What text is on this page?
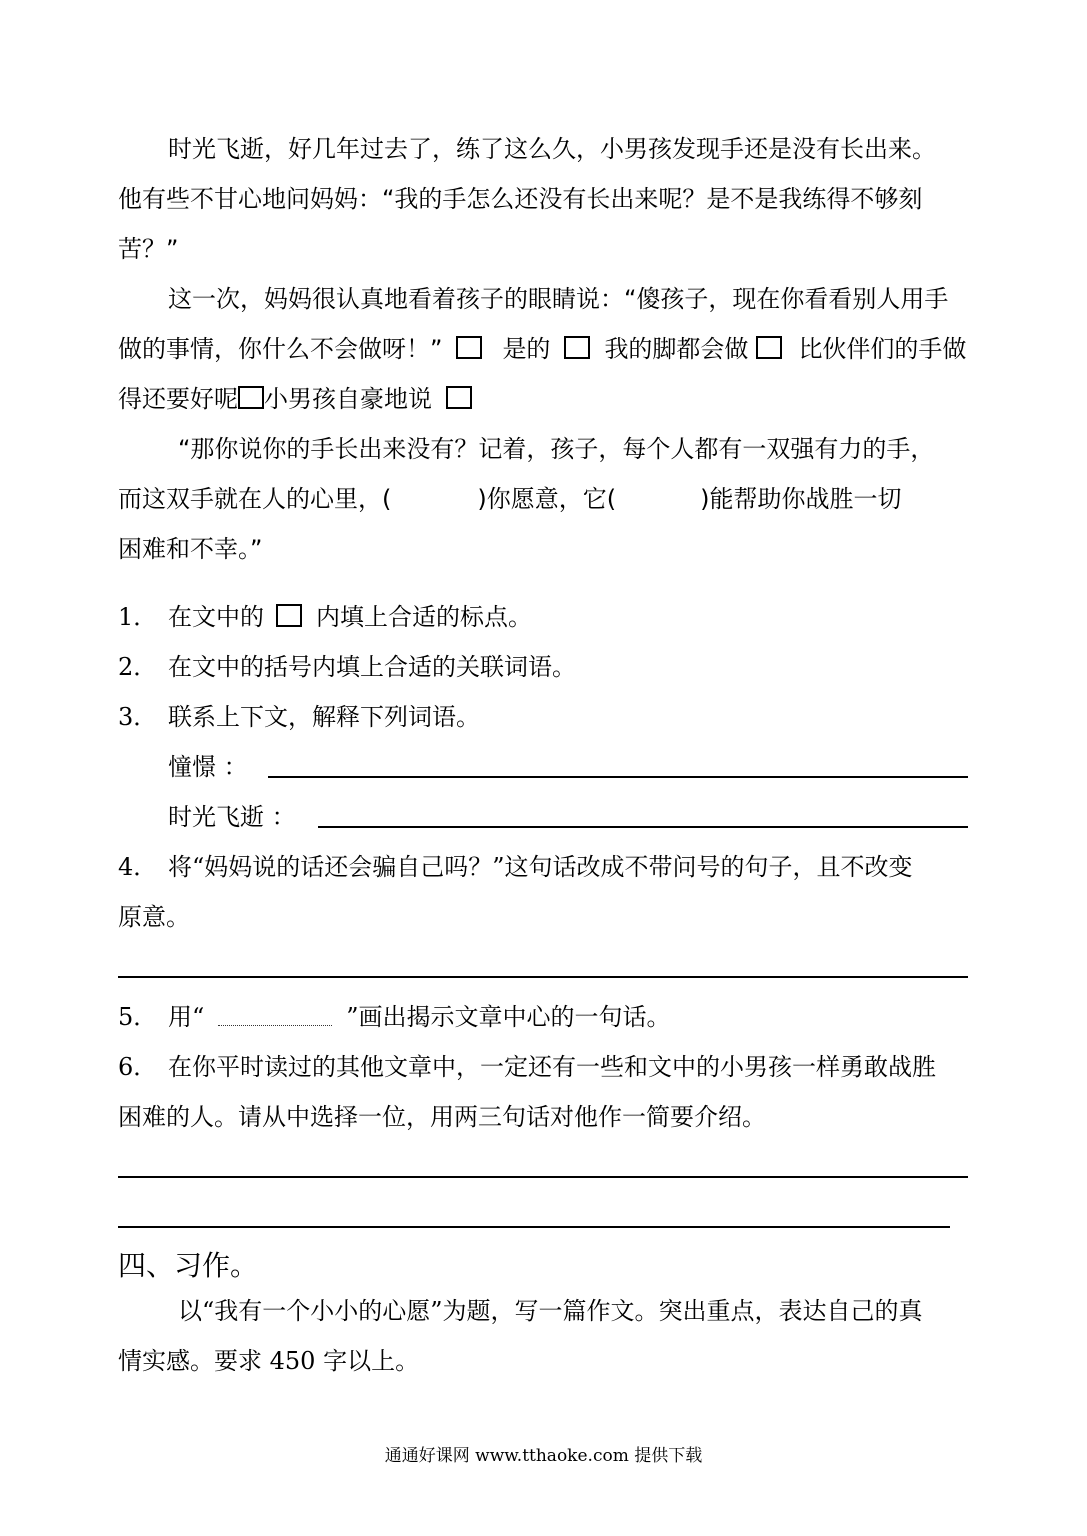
时光飞逝，好几年过去了，练了这么久，小男孩发现手还是没有长出来。
他有些不甘心地问妈妈：“我的手怎么还没有长出来呢？是不是我练得不够刻
苦？”
这一次，妈妈很认真地看着孩子的眼睛说：“傻孩子，现在你看看别人用手
做的事情，你什么不会做呀！”	是的 我的脚都会做 比伙伴们的手做
得还要好呢 小男孩自豪地说
“那你说你的手长出来没有？记着，孩子，每个人都有一双强有力的手，
而这双手就在人的心里，(	)你愿意，它(	)能帮助你战胜一切
困难和不幸。”
1． 在文中的 内填上合适的标点。
2． 在文中的括号内填上合适的关联词语。
3． 联系上下文，解释下列词语。
憧憬 ：
时光飞逝 ：
4． 将“妈妈说的话还会骗自己吗？”这句话改成不带问号的句子，且不改变
原意。
5． 用“	”画出揭示文章中心的一句话。
6． 在你平时读过的其他文章中，一定还有一些和文中的小男孩一样勇敢战胜
困难的人。请从中选择一位，用两三句话对他作一简要介绍。
四、习作。
以“我有一个小小的心愿”为题，写一篇作文。突出重点，表达自己的真
情实感。要求 450 字以上。
通通好课网 www.tthaoke.com 提供下载
